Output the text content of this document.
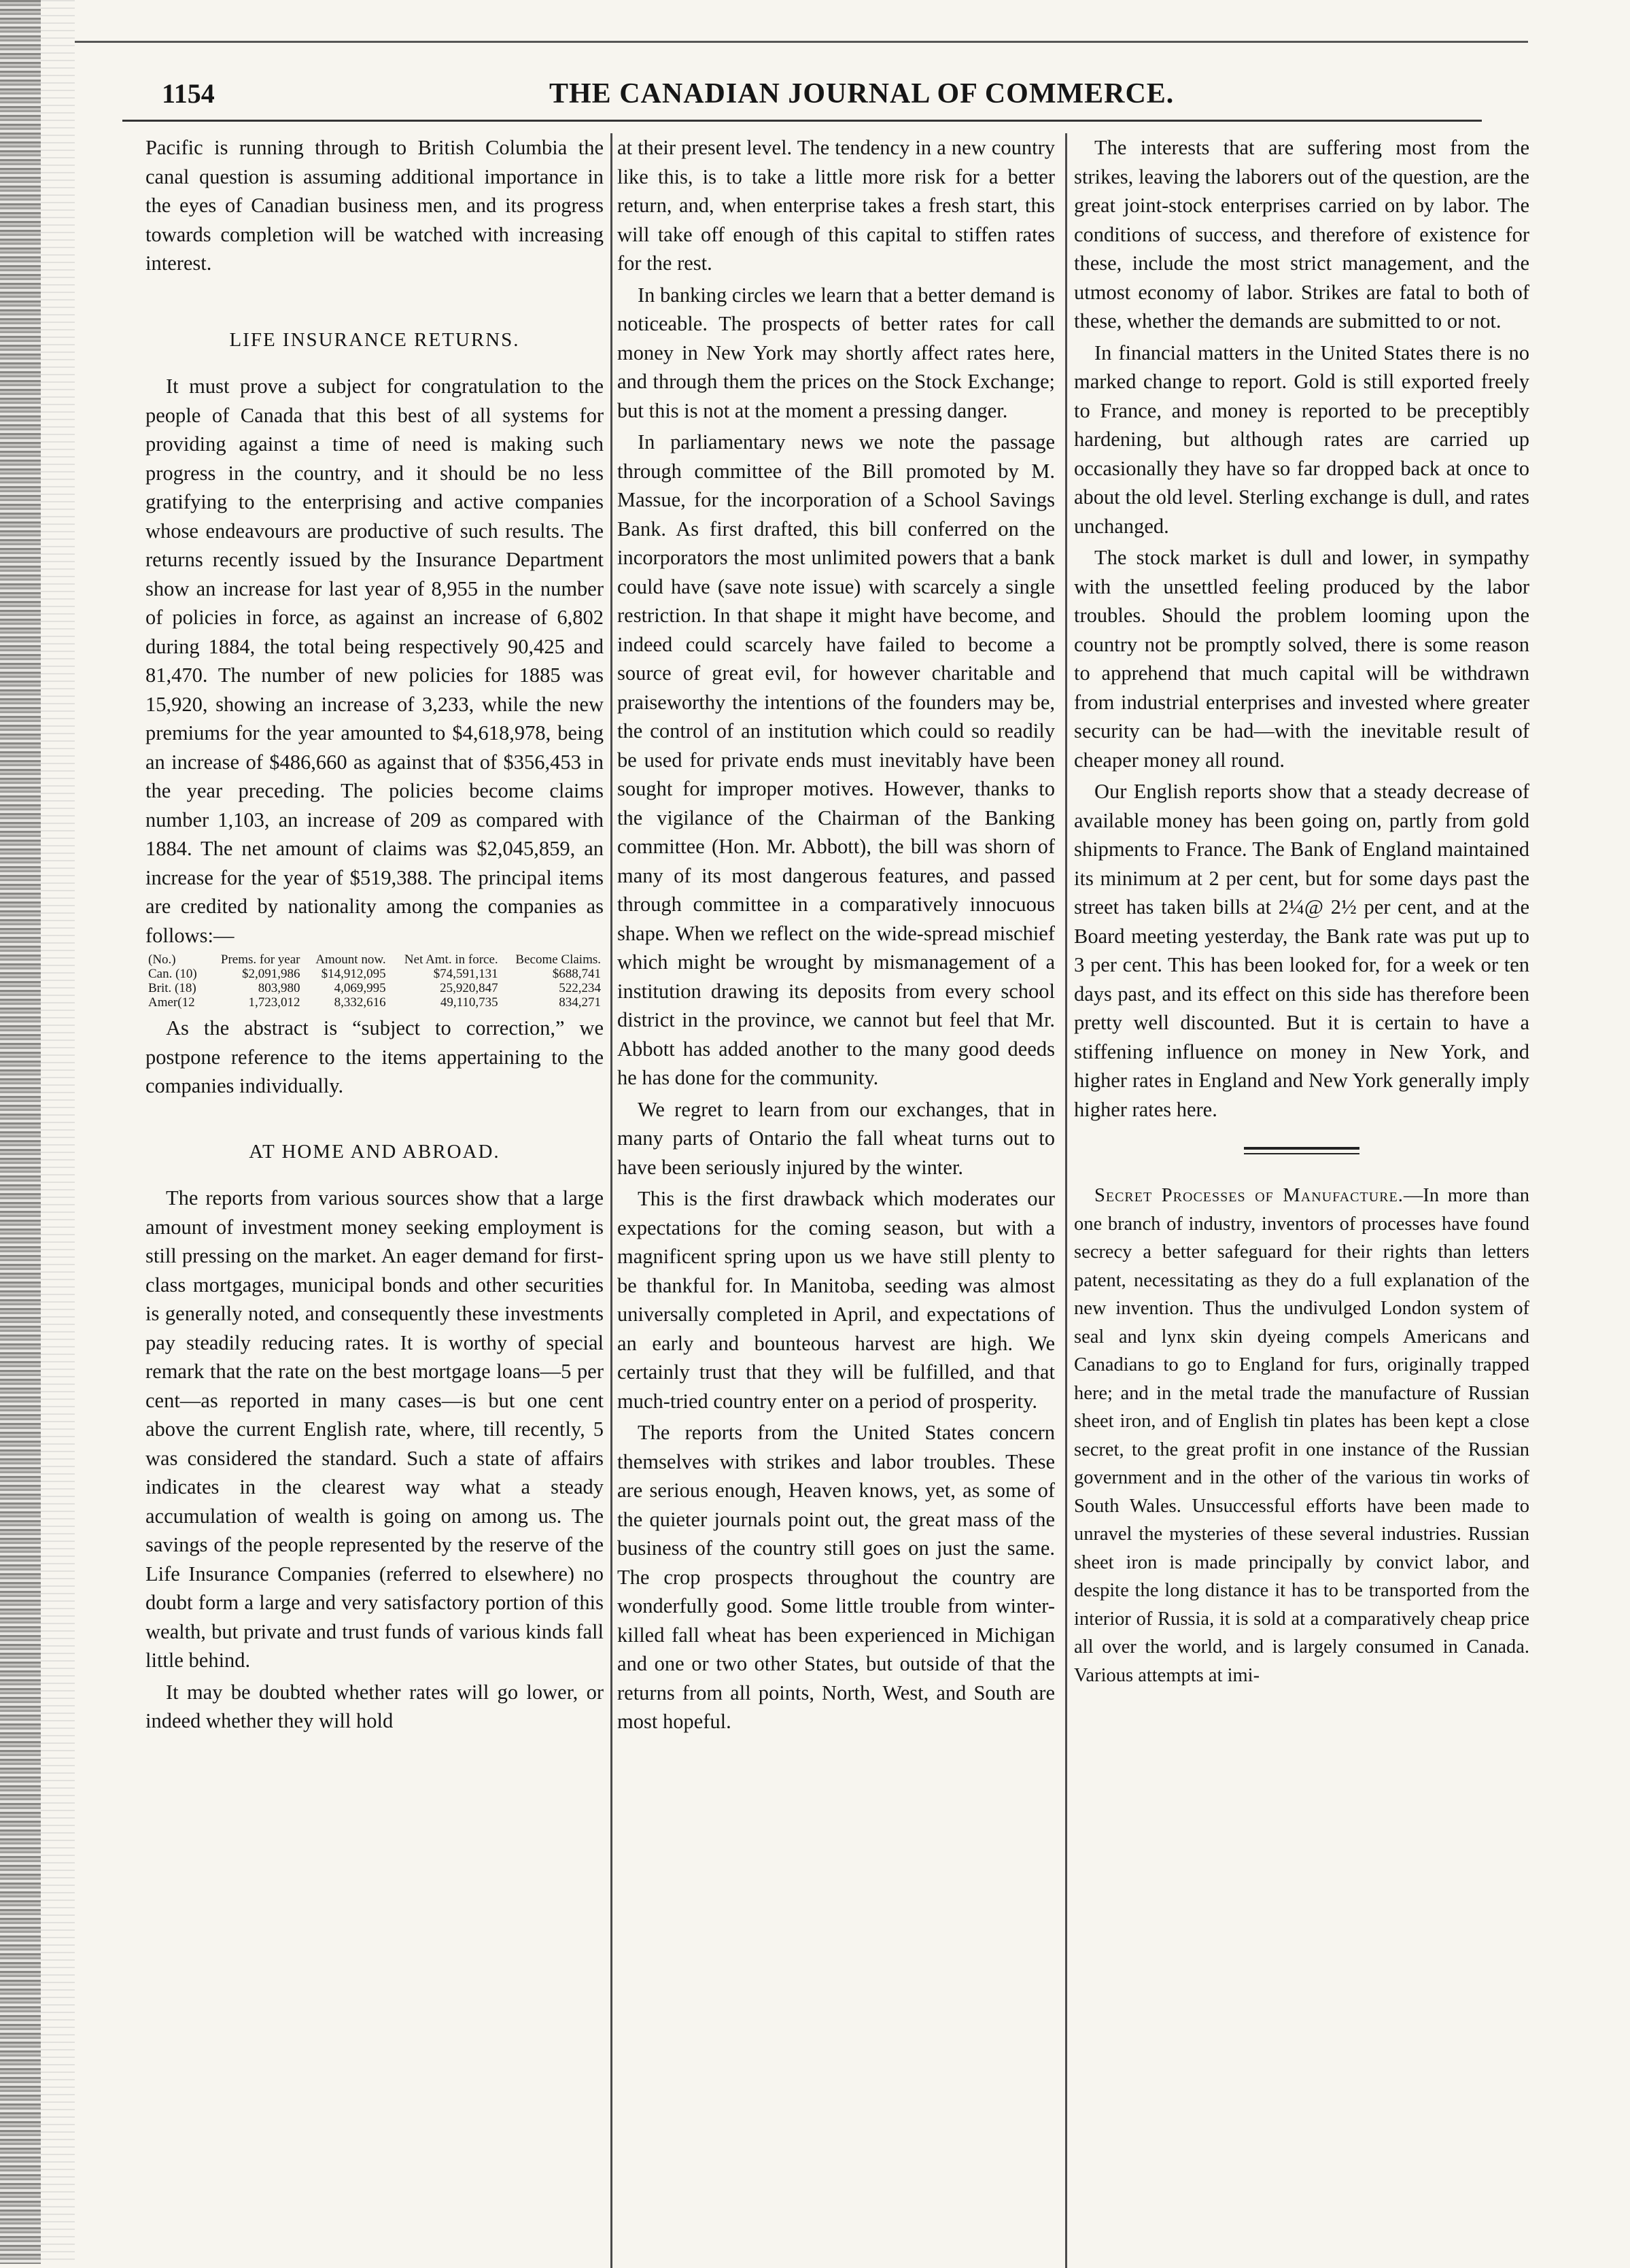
1154	THE CANADIAN JOURNAL OF COMMERCE.

Pacific is running through to British Columbia the canal question is assuming additional importance in the eyes of Canadian business men, and its progress towards completion will be watched with increasing interest.

LIFE INSURANCE RETURNS.

It must prove a subject for congratulation to the people of Canada that this best of all systems for providing against a time of need is making such progress in the country, and it should be no less gratifying to the enterprising and active companies whose endeavours are productive of such results. The returns recently issued by the Insurance Department show an increase for last year of 8,955 in the number of policies in force, as against an increase of 6,802 during 1884, the total being respectively 90,425 and 81,470. The number of new policies for 1885 was 15,920, showing an increase of 3,233, while the new premiums for the year amounted to $4,618,978, being an increase of $486,660 as against that of $356,453 in the year preceding. The policies become claims number 1,103, an increase of 209 as compared with 1884. The net amount of claims was $2,045,859, an increase for the year of $519,388. The principal items are credited by nationality among the companies as follows:—

(No.)	Prems. for year	Amount now.	Net Amt. in force.	Become Claims.
Can. (10)	$2,091,986	$14,912,095	$74,591,131	$688,741
Brit. (18)	803,980	4,069,995	25,920,847	522,234
Amer(12	1,723,012	8,332,616	49,110,735	834,271

As the abstract is “subject to correction,” we postpone reference to the items appertaining to the companies individually.

AT HOME AND ABROAD.

The reports from various sources show that a large amount of investment money seeking employment is still pressing on the market. An eager demand for first-class mortgages, municipal bonds and other securities is generally noted, and consequently these investments pay steadily reducing rates. It is worthy of special remark that the rate on the best mortgage loans—5 per cent—as reported in many cases—is but one cent above the current English rate, where, till recently, 5 was considered the standard. Such a state of affairs indicates in the clearest way what a steady accumulation of wealth is going on among us. The savings of the people represented by the reserve of the Life Insurance Companies (referred to elsewhere) no doubt form a large and very satisfactory portion of this wealth, but private and trust funds of various kinds fall little behind.

It may be doubted whether rates will go lower, or indeed whether they will hold

at their present level. The tendency in a new country like this, is to take a little more risk for a better return, and, when enterprise takes a fresh start, this will take off enough of this capital to stiffen rates for the rest.

In banking circles we learn that a better demand is noticeable. The prospects of better rates for call money in New York may shortly affect rates here, and through them the prices on the Stock Exchange; but this is not at the moment a pressing danger.

In parliamentary news we note the passage through committee of the Bill promoted by M. Massue, for the incorporation of a School Savings Bank. As first drafted, this bill conferred on the incorporators the most unlimited powers that a bank could have (save note issue) with scarcely a single restriction. In that shape it might have become, and indeed could scarcely have failed to become a source of great evil, for however charitable and praiseworthy the intentions of the founders may be, the control of an institution which could so readily be used for private ends must inevitably have been sought for improper motives. However, thanks to the vigilance of the Chairman of the Banking committee (Hon. Mr. Abbott), the bill was shorn of many of its most dangerous features, and passed through committee in a comparatively innocuous shape. When we reflect on the wide-spread mischief which might be wrought by mismanagement of a institution drawing its deposits from every school district in the province, we cannot but feel that Mr. Abbott has added another to the many good deeds he has done for the community.

We regret to learn from our exchanges, that in many parts of Ontario the fall wheat turns out to have been seriously injured by the winter.

This is the first drawback which moderates our expectations for the coming season, but with a magnificent spring upon us we have still plenty to be thankful for. In Manitoba, seeding was almost universally completed in April, and expectations of an early and bounteous harvest are high. We certainly trust that they will be fulfilled, and that much-tried country enter on a period of prosperity.

The reports from the United States concern themselves with strikes and labor troubles. These are serious enough, Heaven knows, yet, as some of the quieter journals point out, the great mass of the business of the country still goes on just the same. The crop prospects throughout the country are wonderfully good. Some little trouble from winter-killed fall wheat has been experienced in Michigan and one or two other States, but outside of that the returns from all points, North, West, and South are most hopeful.

The interests that are suffering most from the strikes, leaving the laborers out of the question, are the great joint-stock enterprises carried on by labor. The conditions of success, and therefore of existence for these, include the most strict management, and the utmost economy of labor. Strikes are fatal to both of these, whether the demands are submitted to or not.

In financial matters in the United States there is no marked change to report. Gold is still exported freely to France, and money is reported to be preceptibly hardening, but although rates are carried up occasionally they have so far dropped back at once to about the old level. Sterling exchange is dull, and rates unchanged.

The stock market is dull and lower, in sympathy with the unsettled feeling produced by the labor troubles. Should the problem looming upon the country not be promptly solved, there is some reason to apprehend that much capital will be withdrawn from industrial enterprises and invested where greater security can be had—with the inevitable result of cheaper money all round.

Our English reports show that a steady decrease of available money has been going on, partly from gold shipments to France. The Bank of England maintained its minimum at 2 per cent, but for some days past the street has taken bills at 2¼@ 2½ per cent, and at the Board meeting yesterday, the Bank rate was put up to 3 per cent. This has been looked for, for a week or ten days past, and its effect on this side has therefore been pretty well discounted. But it is certain to have a stiffening influence on money in New York, and higher rates in England and New York generally imply higher rates here.

Secret Processes of Manufacture.—In more than one branch of industry, inventors of processes have found secrecy a better safeguard for their rights than letters patent, necessitating as they do a full explanation of the new invention. Thus the undivulged London system of seal and lynx skin dyeing compels Americans and Canadians to go to England for furs, originally trapped here; and in the metal trade the manufacture of Russian sheet iron, and of English tin plates has been kept a close secret, to the great profit in one instance of the Russian government and in the other of the various tin works of South Wales. Unsuccessful efforts have been made to unravel the mysteries of these several industries. Russian sheet iron is made principally by convict labor, and despite the long distance it has to be transported from the interior of Russia, it is sold at a comparatively cheap price all over the world, and is largely consumed in Canada. Various attempts at imi-
